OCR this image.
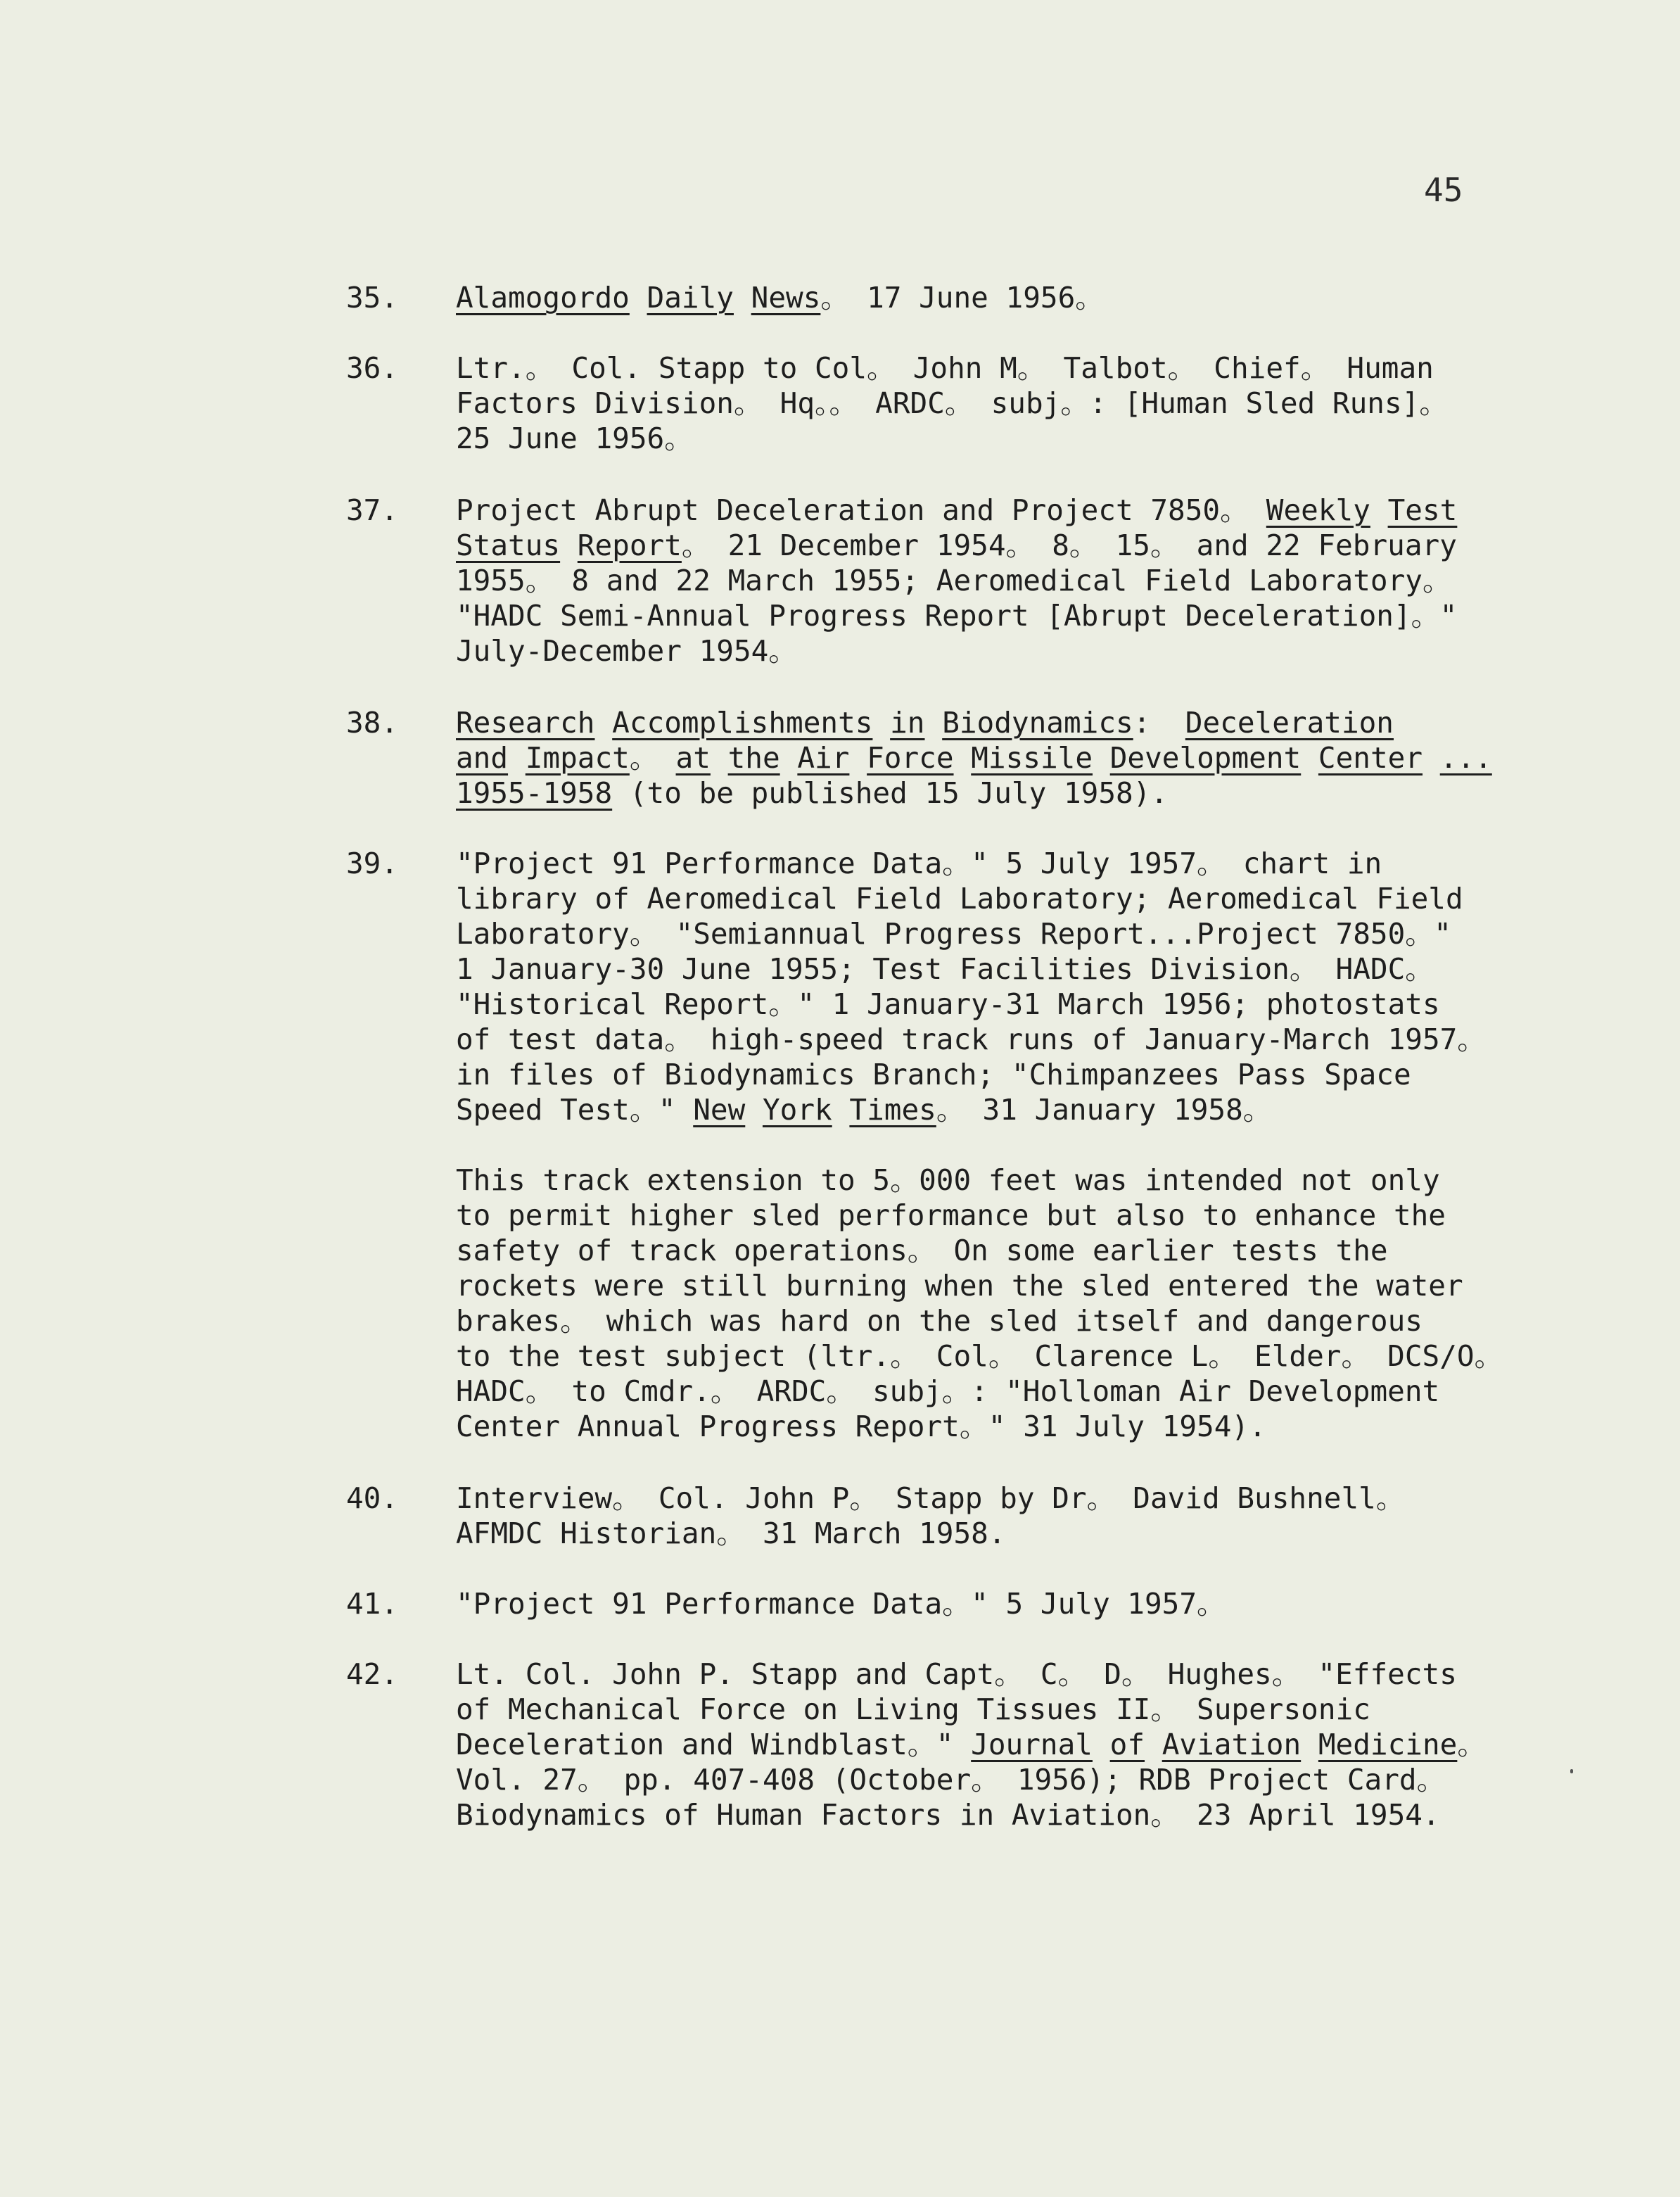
45
35. Alamogordo Daily News。 17 June 1956。
36. Ltr.。 Col. Stapp to Col。 John M。 Talbot。 Chief。 Human
Factors Division。 Hq。。 ARDC。 subj。: [Human Sled Runs]。
25 June 1956。
37. Project Abrupt Deceleration and Project 7850。 Weekly Test
Status Report。 21 December 1954。 8。 15。 and 22 February
1955。 8 and 22 March 1955; Aeromedical Field Laboratory。
"HADC Semi-Annual Progress Report [Abrupt Deceleration]。"
July-December 1954。
38. Research Accomplishments in Biodynamics:  Deceleration
and Impact。 at the Air Force Missile Development Center ...
1955-1958 (to be published 15 July 1958).
39. "Project 91 Performance Data。" 5 July 1957。 chart in
library of Aeromedical Field Laboratory; Aeromedical Field
Laboratory。 "Semiannual Progress Report...Project 7850。"
1 January-30 June 1955; Test Facilities Division。 HADC。
"Historical Report。" 1 January-31 March 1956; photostats
of test data。 high-speed track runs of January-March 1957。
in files of Biodynamics Branch; "Chimpanzees Pass Space
Speed Test。" New York Times。 31 January 1958。
This track extension to 5。000 feet was intended not only
to permit higher sled performance but also to enhance the
safety of track operations。 On some earlier tests the
rockets were still burning when the sled entered the water
brakes。 which was hard on the sled itself and dangerous
to the test subject (ltr.。 Col。 Clarence L。 Elder。 DCS/O。
HADC。 to Cmdr.。 ARDC。 subj。: "Holloman Air Development
Center Annual Progress Report。" 31 July 1954).
40. Interview。 Col. John P。 Stapp by Dr。 David Bushnell。
AFMDC Historian。 31 March 1958.
41. "Project 91 Performance Data。" 5 July 1957。
42. Lt. Col. John P. Stapp and Capt。 C。 D。 Hughes。 "Effects
of Mechanical Force on Living Tissues II。 Supersonic
Deceleration and Windblast。" Journal of Aviation Medicine。
Vol. 27。 pp. 407-408 (October。 1956); RDB Project Card。
Biodynamics of Human Factors in Aviation。 23 April 1954.
